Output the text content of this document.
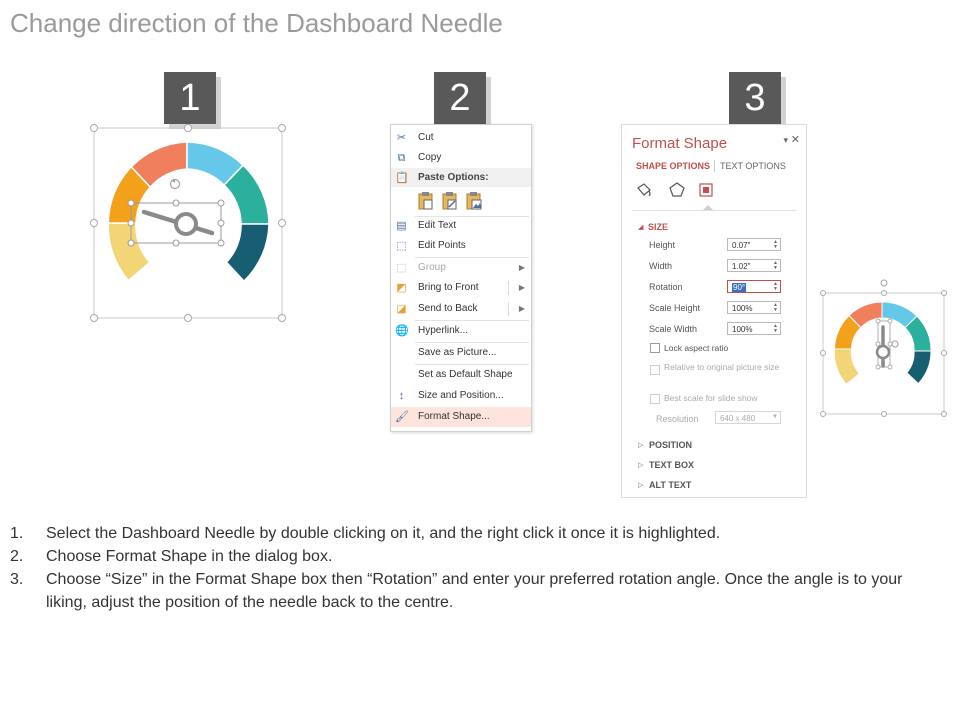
Change direction of the Dashboard Needle
1	2	3
✂ Cut
⧉ Copy
📋 Paste Options:
▤ Edit Text
⬚ Edit Points
⬚ Group	▶
◩ Bring to Front	▶
◪ Send to Back	▶
🌐 Hyperlink...
Save as Picture...
Set as Default Shape
↕	Size and Position...
🖌 Format Shape...
Format Shape	▾ ✕
SHAPE OPTIONS TEXT OPTIONS
◢ SIZE
Height	0.07"	▲
▼
Width	1.02"	▲
▼
Rotation	90°	▲
▼
Scale Height	100%	▲
▼
Scale Width	100%	▲
▼
Lock aspect ratio
Relative to original picture size
Best scale for slide show
Resolution	640 x 480	▼
▷ POSITION
▷ TEXT BOX
▷ ALT TEXT
1. Select the Dashboard Needle by double clicking on it, and the right click it once it is highlighted.
2. Choose Format Shape in the dialog box.
3. Choose “Size” in the Format Shape box then “Rotation” and enter your preferred rotation angle. Once the angle is to your liking, adjust the position of the needle back to the centre.
